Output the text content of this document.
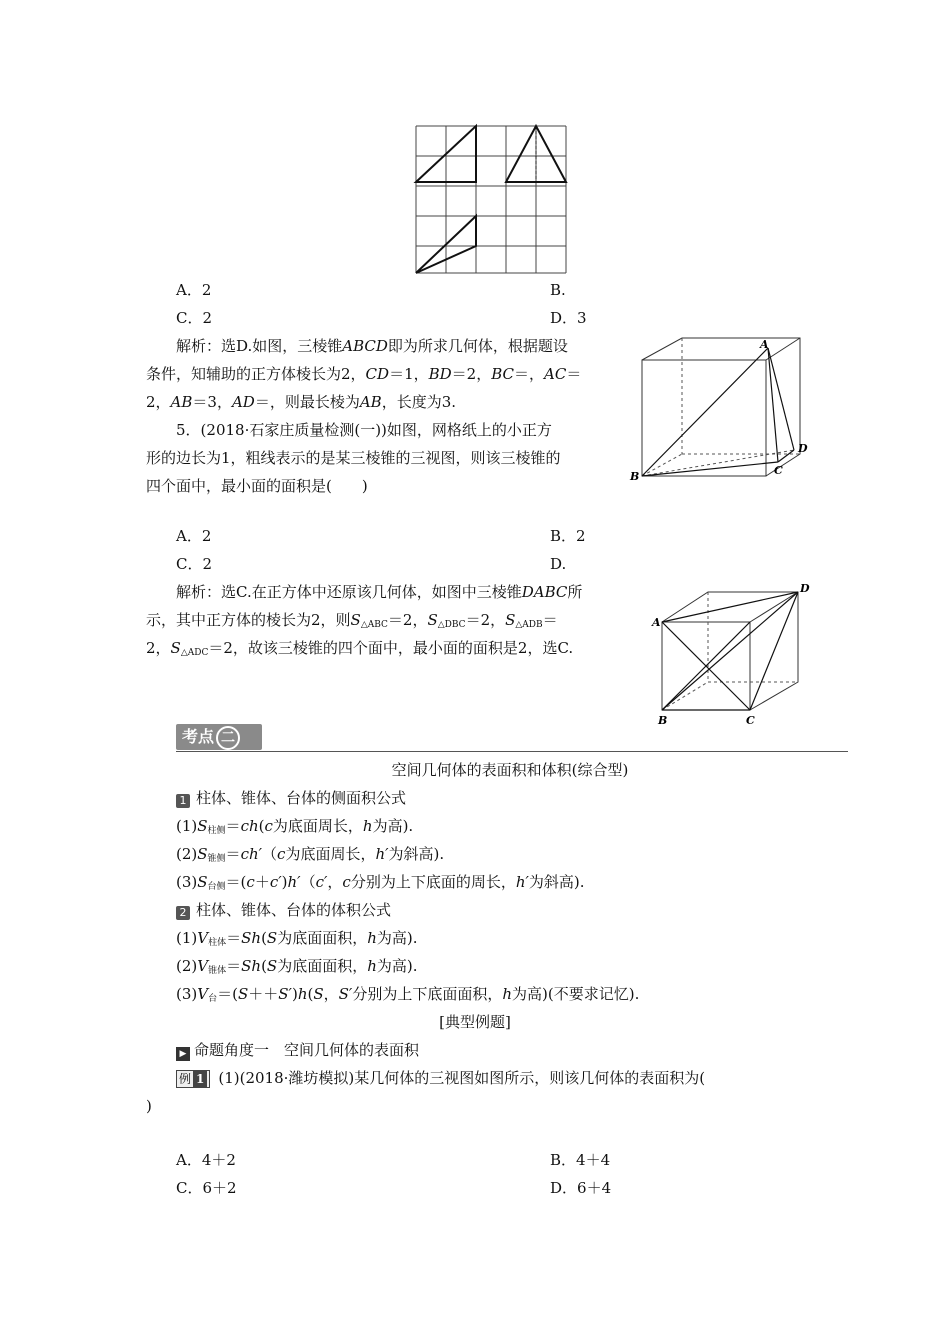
A．2	B.
C．2	D．3
解析：选D.如图，三棱锥ABCD即为所求几何体，根据题设
条件，知辅助的正方体棱长为2，CD＝1，BD＝2，BC＝，AC＝
2，AB＝3，AD＝，则最长棱为AB，长度为3.
A
B	C
D
5．(2018·石家庄质量检测(一))如图，网格纸上的小正方
形的边长为1，粗线表示的是某三棱锥的三视图，则该三棱锥的
四个面中，最小面的面积是(　　)
A．2	B．2
C．2	D.
解析：选C.在正方体中还原该几何体，如图中三棱锥DABC所
示，其中正方体的棱长为2，则$S_{\triangle ABC}=2$，$S_{\triangle DBC}=2$，$S_{\triangle ADB}=$
2，$S_{\triangle ADC}=2$，故该三棱锥的四个面中，最小面的面积是2，选C.
A
B	C
D
考点 二
空间几何体的表面积和体积(综合型)
1 柱体、锥体、台体的侧面积公式
$(1)S_{柱侧}=ch(c$为底面周长，h为高).
$(2)S_{锥侧}=ch'(c$为底面周长，h′为斜高).
$(3)S_{台侧}=(c+c')h'(c'$，c分别为上下底面的周长，h′为斜高).
2 柱体、锥体、台体的体积公式
$(1)V_{柱体}=Sh(S$为底面面积，h为高).
$(2)V_{锥体}=Sh(S$为底面面积，h为高).
$(3)V_台=(S++S')h(S$，S′分别为上下底面面积，h为高)(不要求记忆).
[典型例题]
▶ 命题角度一　空间几何体的表面积
例 1 (1)(2018·潍坊模拟)某几何体的三视图如图所示，则该几何体的表面积为(
)
A．4＋2	B．4＋4
C．6＋2	D．6＋4
